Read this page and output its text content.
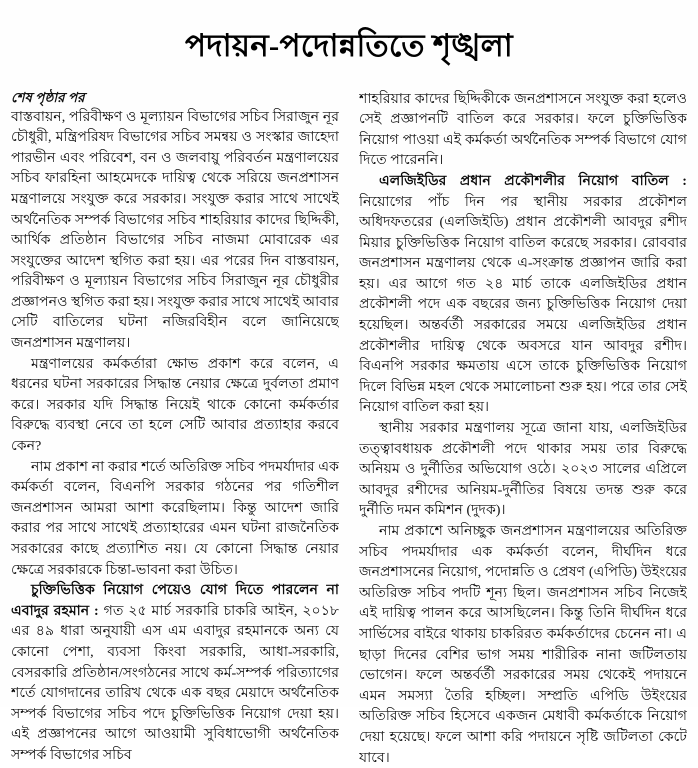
পদায়ন-পদোন্নতিতে শৃঙ্খলা
শেষ পৃষ্ঠার পর

বাস্তবায়ন, পরিবীক্ষণ ও মূল্যায়ন বিভাগের সচিব সিরাজুন নূর চৌধুরী, মন্ত্রিপরিষদ বিভাগের সচিব সমন্বয় ও সংস্কার জাহেদা পারভীন এবং পরিবেশ, বন ও জলবায়ু পরিবর্তন মন্ত্রণালয়ের সচিব ফারহিনা আহমেদকে দায়িত্ব থেকে সরিয়ে জনপ্রশাসন মন্ত্রণালয়ে সংযুক্ত করে সরকার। সংযুক্ত করার সাথে সাথেই অর্থনৈতিক সম্পর্ক বিভাগের সচিব শাহরিয়ার কাদের ছিদ্দিকী, আর্থিক প্রতিষ্ঠান বিভাগের সচিব নাজমা মোবারেক এর সংযুক্তের আদেশ স্থগিত করা হয়। এর পরের দিন বাস্তবায়ন, পরিবীক্ষণ ও মূল্যায়ন বিভাগের সচিব সিরাজুন নূর চৌধুরীর প্রজ্ঞাপনও স্থগিত করা হয়। সংযুক্ত করার সাথে সাথেই আবার সেটি বাতিলের ঘটনা নজিরবিহীন বলে জানিয়েছে জনপ্রশাসন মন্ত্রণালয়।

মন্ত্রণালয়ের কর্মকর্তারা ক্ষোভ প্রকাশ করে বলেন, এ ধরনের ঘটনা সরকারের সিদ্ধান্ত নেয়ার ক্ষেত্রে দুর্বলতা প্রমাণ করে। সরকার যদি সিদ্ধান্ত নিয়েই থাকে কোনো কর্মকর্তার বিরুদ্ধে ব্যবস্থা নেবে তা হলে সেটি আবার প্রত্যাহার করবে কেন?

নাম প্রকাশ না করার শর্তে অতিরিক্ত সচিব পদমর্যাদার এক কর্মকর্তা বলেন, বিএনপি সরকার গঠনের পর গতিশীল জনপ্রশাসন আমরা আশা করেছিলাম। কিন্তু আদেশ জারি করার পর সাথে সাথেই প্রত্যাহারের এমন ঘটনা রাজনৈতিক সরকারের কাছে প্রত্যাশিত নয়। যে কোনো সিদ্ধান্ত নেয়ার ক্ষেত্রে সরকারকে চিন্তা-ভাবনা করা উচিত।

চুক্তিভিত্তিক নিয়োগ পেয়েও যোগ দিতে পারলেন না এবাদুর রহমান : গত ২৫ মার্চ সরকারি চাকরি আইন, ২০১৮ এর ৪৯ ধারা অনুযায়ী এস এম এবাদুর রহমানকে অন্য যে কোনো পেশা, ব্যবসা কিংবা সরকারি, আধা-সরকারি, বেসরকারি প্রতিষ্ঠান/সংগঠনের সাথে কর্ম-সম্পর্ক পরিত্যাগের শর্তে যোগদানের তারিখ থেকে এক বছর মেয়াদে অর্থনৈতিক সম্পর্ক বিভাগের সচিব পদে চুক্তিভিত্তিক নিয়োগ দেয়া হয়। এই প্রজ্ঞাপনের আগে আওয়ামী সুবিধাভোগী অর্থনৈতিক সম্পর্ক বিভাগের সচিব

শাহরিয়ার কাদের ছিদ্দিকীকে জনপ্রশাসনে সংযুক্ত করা হলেও সেই প্রজ্ঞাপনটি বাতিল করে সরকার। ফলে চুক্তিভিত্তিক নিয়োগ পাওয়া এই কর্মকর্তা অর্থনৈতিক সম্পর্ক বিভাগে যোগ দিতে পারেননি।

এলজিইডির প্রধান প্রকৌশলীর নিয়োগ বাতিল : নিয়োগের পাঁচ দিন পর স্থানীয় সরকার প্রকৌশল অধিদফতরের (এলজিইডি) প্রধান প্রকৌশলী আবদুর রশীদ মিয়ার চুক্তিভিত্তিক নিয়োগ বাতিল করেছে সরকার। রোববার জনপ্রশাসন মন্ত্রণালয় থেকে এ-সংক্রান্ত প্রজ্ঞাপন জারি করা হয়। এর আগে গত ২৪ মার্চ তাকে এলজিইডির প্রধান প্রকৌশলী পদে এক বছরের জন্য চুক্তিভিত্তিক নিয়োগ দেয়া হয়েছিল। অন্তর্বর্তী সরকারের সময়ে এলজিইডির প্রধান প্রকৌশলীর দায়িত্ব থেকে অবসরে যান আবদুর রশীদ। বিএনপি সরকার ক্ষমতায় এসে তাকে চুক্তিভিত্তিক নিয়োগ দিলে বিভিন্ন মহল থেকে সমালোচনা শুরু হয়। পরে তার সেই নিয়োগ বাতিল করা হয়।

স্থানীয় সরকার মন্ত্রণালয় সূত্রে জানা যায়, এলজিইডির তত্ত্বাবধায়ক প্রকৌশলী পদে থাকার সময় তার বিরুদ্ধে অনিয়ম ও দুর্নীতির অভিযোগ ওঠে। ২০২৩ সালের এপ্রিলে আবদুর রশীদের অনিয়ম-দুর্নীতির বিষয়ে তদন্ত শুরু করে দুর্নীতি দমন কমিশন (দুদক)।

নাম প্রকাশে অনিচ্ছুক জনপ্রশাসন মন্ত্রণালয়ের অতিরিক্ত সচিব পদমর্যাদার এক কর্মকর্তা বলেন, দীর্ঘদিন ধরে জনপ্রশাসনের নিয়োগ, পদোন্নতি ও প্রেষণ (এপিডি) উইংয়ের অতিরিক্ত সচিব পদটি শূন্য ছিল। জনপ্রশাসন সচিব নিজেই এই দায়িত্ব পালন করে আসছিলেন। কিন্তু তিনি দীর্ঘদিন ধরে সার্ভিসের বাইরে থাকায় চাকরিরত কর্মকর্তাদের চেনেন না। এ ছাড়া দিনের বেশির ভাগ সময় শারীরিক নানা জটিলতায় ভোগেন। ফলে অন্তর্বর্তী সরকারের সময় থেকেই পদায়নে এমন সমস্যা তৈরি হচ্ছিল। সম্প্রতি এপিডি উইংয়ের অতিরিক্ত সচিব হিসেবে একজন মেধাবী কর্মকর্তাকে নিয়োগ দেয়া হয়েছে। ফলে আশা করি পদায়নে সৃষ্টি জটিলতা কেটে যাবে।
